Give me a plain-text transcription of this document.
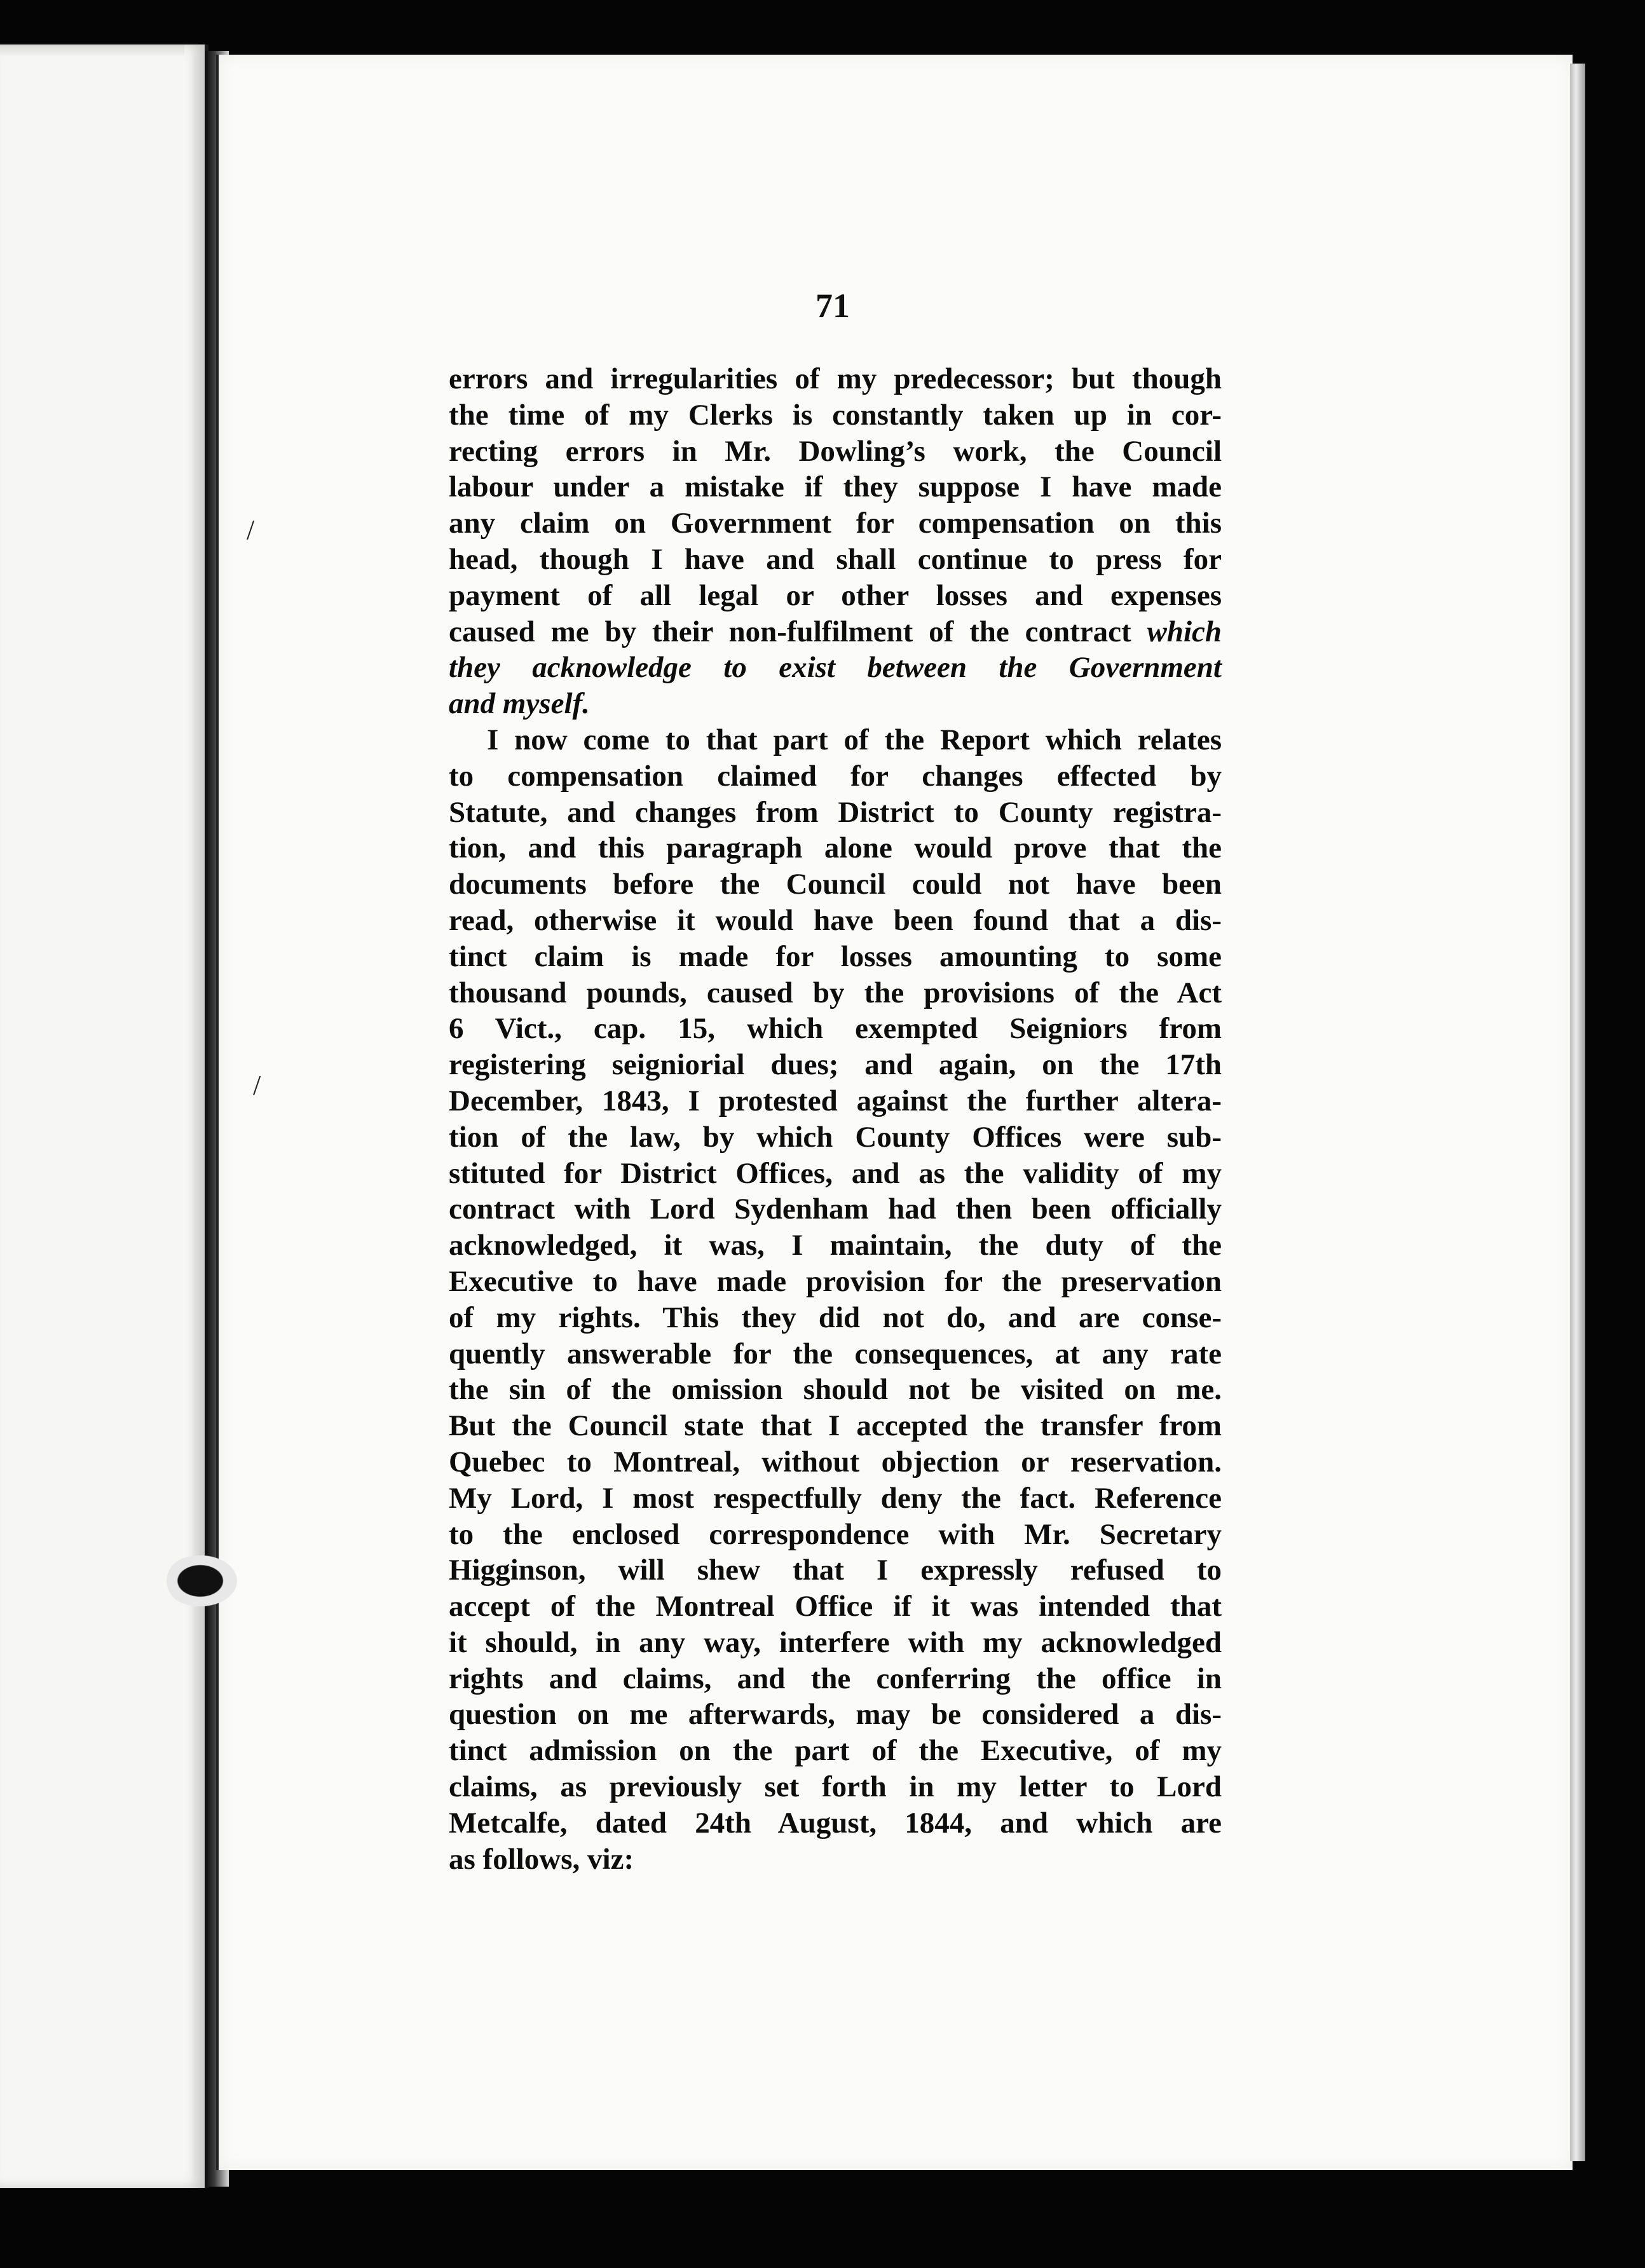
/
/

71

errors and irregularities of my predecessor; but though
the time of my Clerks is constantly taken up in cor-
recting errors in Mr. Dowling’s work, the Council
labour under a mistake if they suppose I have made
any claim on Government for compensation on this
head, though I have and shall continue to press for
payment of all legal or other losses and expenses
caused me by their non-fulfilment of the contract which
they acknowledge to exist between the Government
and myself.
I now come to that part of the Report which relates
to compensation claimed for changes effected by
Statute, and changes from District to County registra-
tion, and this paragraph alone would prove that the
documents before the Council could not have been
read, otherwise it would have been found that a dis-
tinct claim is made for losses amounting to some
thousand pounds, caused by the provisions of the Act
6 Vict., cap. 15, which exempted Seigniors from
registering seigniorial dues; and again, on the 17th
December, 1843, I protested against the further altera-
tion of the law, by which County Offices were sub-
stituted for District Offices, and as the validity of my
contract with Lord Sydenham had then been officially
acknowledged, it was, I maintain, the duty of the
Executive to have made provision for the preservation
of my rights. This they did not do, and are conse-
quently answerable for the consequences, at any rate
the sin of the omission should not be visited on me.
But the Council state that I accepted the transfer from
Quebec to Montreal, without objection or reservation.
My Lord, I most respectfully deny the fact. Reference
to the enclosed correspondence with Mr. Secretary
Higginson, will shew that I expressly refused to
accept of the Montreal Office if it was intended that
it should, in any way, interfere with my acknowledged
rights and claims, and the conferring the office in
question on me afterwards, may be considered a dis-
tinct admission on the part of the Executive, of my
claims, as previously set forth in my letter to Lord
Metcalfe, dated 24th August, 1844, and which are
as follows, viz:
